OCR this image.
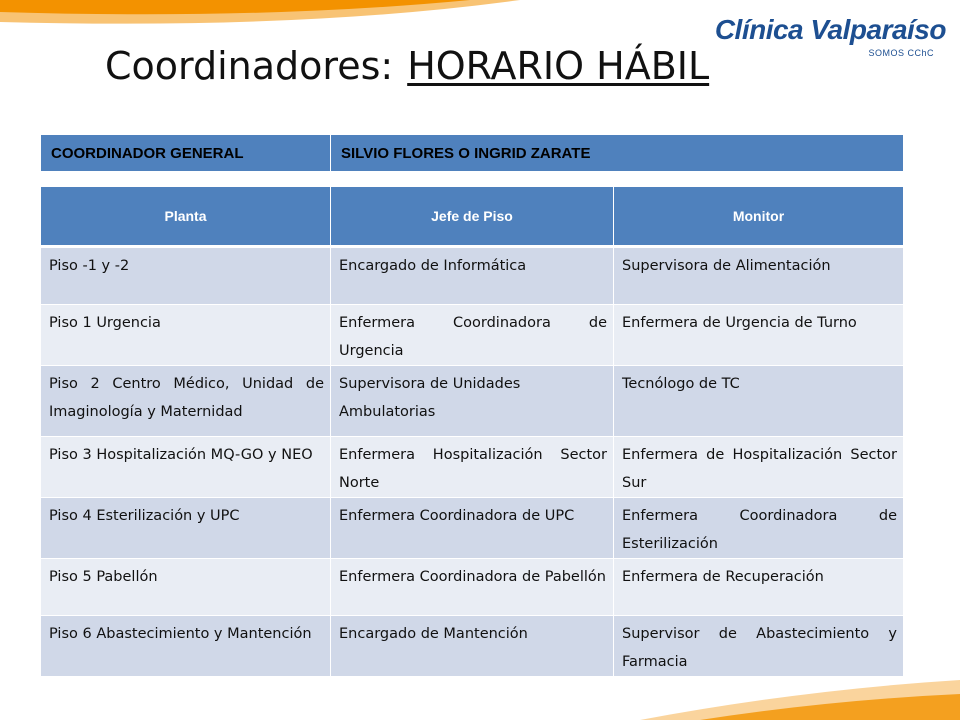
Clínica Valparaíso
SOMOS CChC
Coordinadores: HORARIO HÁBIL
COORDINADOR GENERAL	SILVIO FLORES O INGRID ZARATE
Planta	Jefe de Piso	Monitor
Piso -1 y -2	Encargado de Informática	Supervisora de Alimentación
Piso 1 Urgencia	Enfermera Coordinadora de Urgencia	Enfermera de Urgencia de Turno
Piso 2 Centro Médico, Unidad de Imaginología y Maternidad	Supervisora de Unidades Ambulatorias	Tecnólogo de TC
Piso 3 Hospitalización MQ-GO y NEO	Enfermera Hospitalización Sector Norte	Enfermera de Hospitalización Sector Sur
Piso 4 Esterilización y UPC	Enfermera Coordinadora de UPC	Enfermera Coordinadora de Esterilización
Piso 5 Pabellón	Enfermera Coordinadora de Pabellón	Enfermera de Recuperación
Piso 6 Abastecimiento y Mantención	Encargado de Mantención	Supervisor de Abastecimiento y Farmacia
